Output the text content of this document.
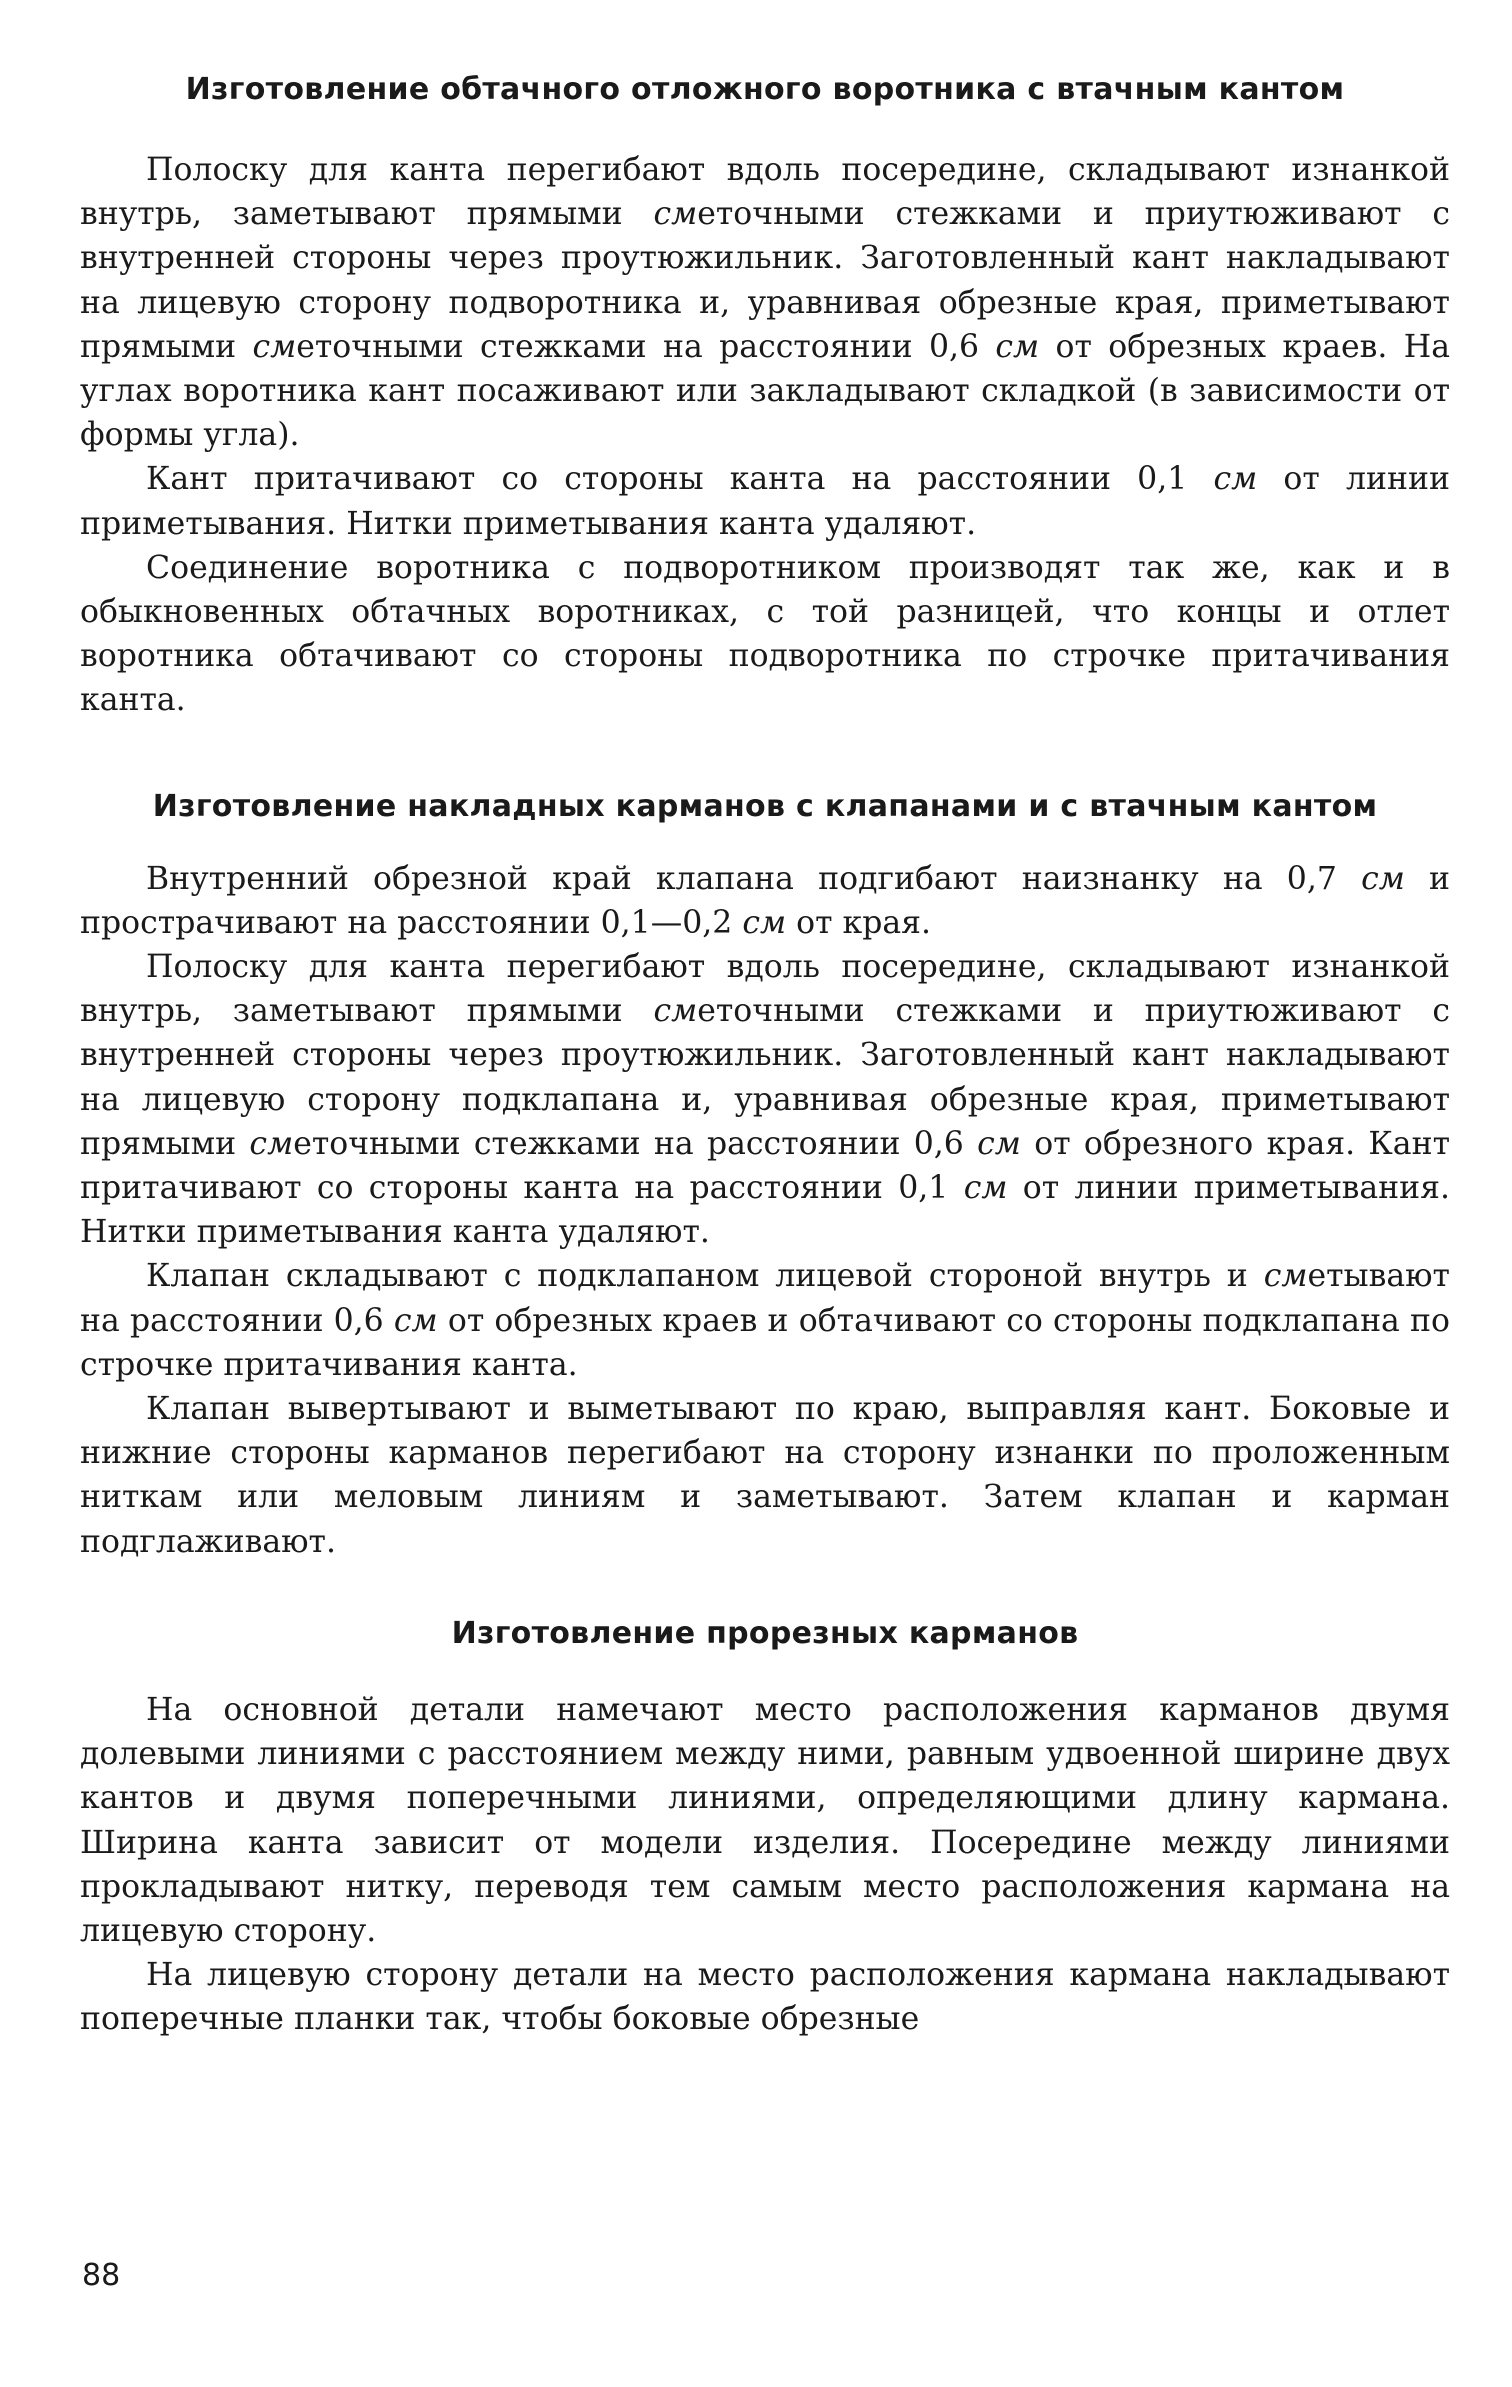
Изготовление обтачного отложного воротника с втачным кантом

Полоску для канта перегибают вдоль посередине, складывают изнанкой внутрь, заметывают прямыми сметочными стежками и приутюживают с внутренней стороны через проутюжильник. Заготовленный кант накладывают на лицевую сторону подворотника и, уравнивая обрезные края, приметывают прямыми сметочными стежками на расстоянии 0,6 см от обрезных краев. На углах воротника кант посаживают или закладывают складкой (в зависимости от формы угла).

Кант притачивают со стороны канта на расстоянии 0,1 см от линии приметывания. Нитки приметывания канта удаляют.

Соединение воротника с подворотником производят так же, как и в обыкновенных обтачных воротниках, с той разницей, что концы и отлет воротника обтачивают со стороны подворотника по строчке притачивания канта.

Изготовление накладных карманов с клапанами и с втачным кантом

Внутренний обрезной край клапана подгибают наизнанку на 0,7 см и прострачивают на расстоянии 0,1—0,2 см от края.

Полоску для канта перегибают вдоль посередине, складывают изнанкой внутрь, заметывают прямыми сметочными стежками и приутюживают с внутренней стороны через проутюжильник. Заготовленный кант накладывают на лицевую сторону подклапана и, уравнивая обрезные края, приметывают прямыми сметочными стежками на расстоянии 0,6 см от обрезного края. Кант притачивают со стороны канта на расстоянии 0,1 см от линии приметывания. Нитки приметывания канта удаляют.

Клапан складывают с подклапаном лицевой стороной внутрь и сметывают на расстоянии 0,6 см от обрезных краев и обтачивают со стороны подклапана по строчке притачивания канта.

Клапан вывертывают и выметывают по краю, выправляя кант. Боковые и нижние стороны карманов перегибают на сторону изнанки по проложенным ниткам или меловым линиям и заметывают. Затем клапан и карман подглаживают.

Изготовление прорезных карманов

На основной детали намечают место расположения карманов двумя долевыми линиями с расстоянием между ними, равным удвоенной ширине двух кантов и двумя поперечными линиями, определяющими длину кармана. Ширина канта зависит от модели изделия. Посередине между линиями прокладывают нитку, переводя тем самым место расположения кармана на лицевую сторону.

На лицевую сторону детали на место расположения кармана накладывают поперечные планки так, чтобы боковые обрезные

88
